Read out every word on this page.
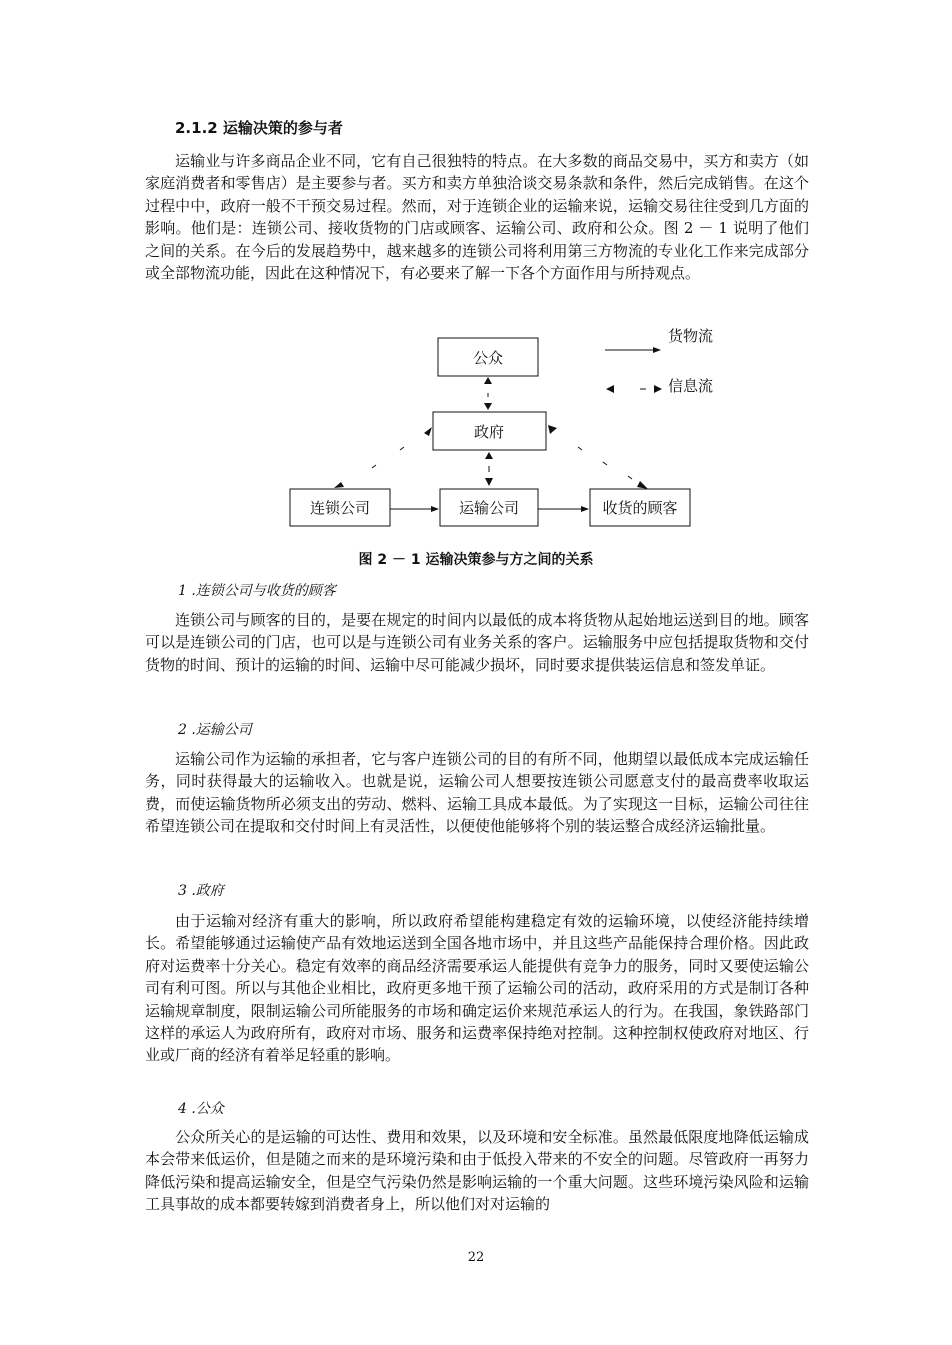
2.1.2 运输决策的参与者

运输业与许多商品企业不同，它有自己很独特的特点。在大多数的商品交易中，买方和卖方（如家庭消费者和零售店）是主要参与者。买方和卖方单独洽谈交易条款和条件，然后完成销售。在这个过程中中，政府一般不干预交易过程。然而，对于连锁企业的运输来说，运输交易往往受到几方面的影响。他们是：连锁公司、接收货物的门店或顾客、运输公司、政府和公众。图 2 － 1 说明了他们之间的关系。在今后的发展趋势中，越来越多的连锁公司将利用第三方物流的专业化工作来完成部分或全部物流功能，因此在这种情况下，有必要来了解一下各个方面作用与所持观点。

公众
政府
连锁公司	运输公司	收货的顾客
货物流
信息流
图 2 － 1 运输决策参与方之间的关系
1 .连锁公司与收货的顾客

连锁公司与顾客的目的，是要在规定的时间内以最低的成本将货物从起始地运送到目的地。顾客可以是连锁公司的门店，也可以是与连锁公司有业务关系的客户。运输服务中应包括提取货物和交付货物的时间、预计的运输的时间、运输中尽可能减少损坏，同时要求提供装运信息和签发单证。

2 .运输公司

运输公司作为运输的承担者，它与客户连锁公司的目的有所不同，他期望以最低成本完成运输任务，同时获得最大的运输收入。也就是说，运输公司人想要按连锁公司愿意支付的最高费率收取运费，而使运输货物所必须支出的劳动、燃料、运输工具成本最低。为了实现这一目标，运输公司往往希望连锁公司在提取和交付时间上有灵活性，以便使他能够将个别的装运整合成经济运输批量。

3 .政府

由于运输对经济有重大的影响，所以政府希望能构建稳定有效的运输环境，以使经济能持续增长。希望能够通过运输使产品有效地运送到全国各地市场中，并且这些产品能保持合理价格。因此政府对运费率十分关心。稳定有效率的商品经济需要承运人能提供有竞争力的服务，同时又要使运输公司有利可图。所以与其他企业相比，政府更多地干预了运输公司的活动，政府采用的方式是制订各种运输规章制度，限制运输公司所能服务的市场和确定运价来规范承运人的行为。在我国，象铁路部门这样的承运人为政府所有，政府对市场、服务和运费率保持绝对控制。这种控制权使政府对地区、行业或厂商的经济有着举足轻重的影响。

4 .公众

公众所关心的是运输的可达性、费用和效果，以及环境和安全标准。虽然最低限度地降低运输成本会带来低运价，但是随之而来的是环境污染和由于低投入带来的不安全的问题。尽管政府一再努力降低污染和提高运输安全，但是空气污染仍然是影响运输的一个重大问题。这些环境污染风险和运输工具事故的成本都要转嫁到消费者身上，所以他们对对运输的

22
